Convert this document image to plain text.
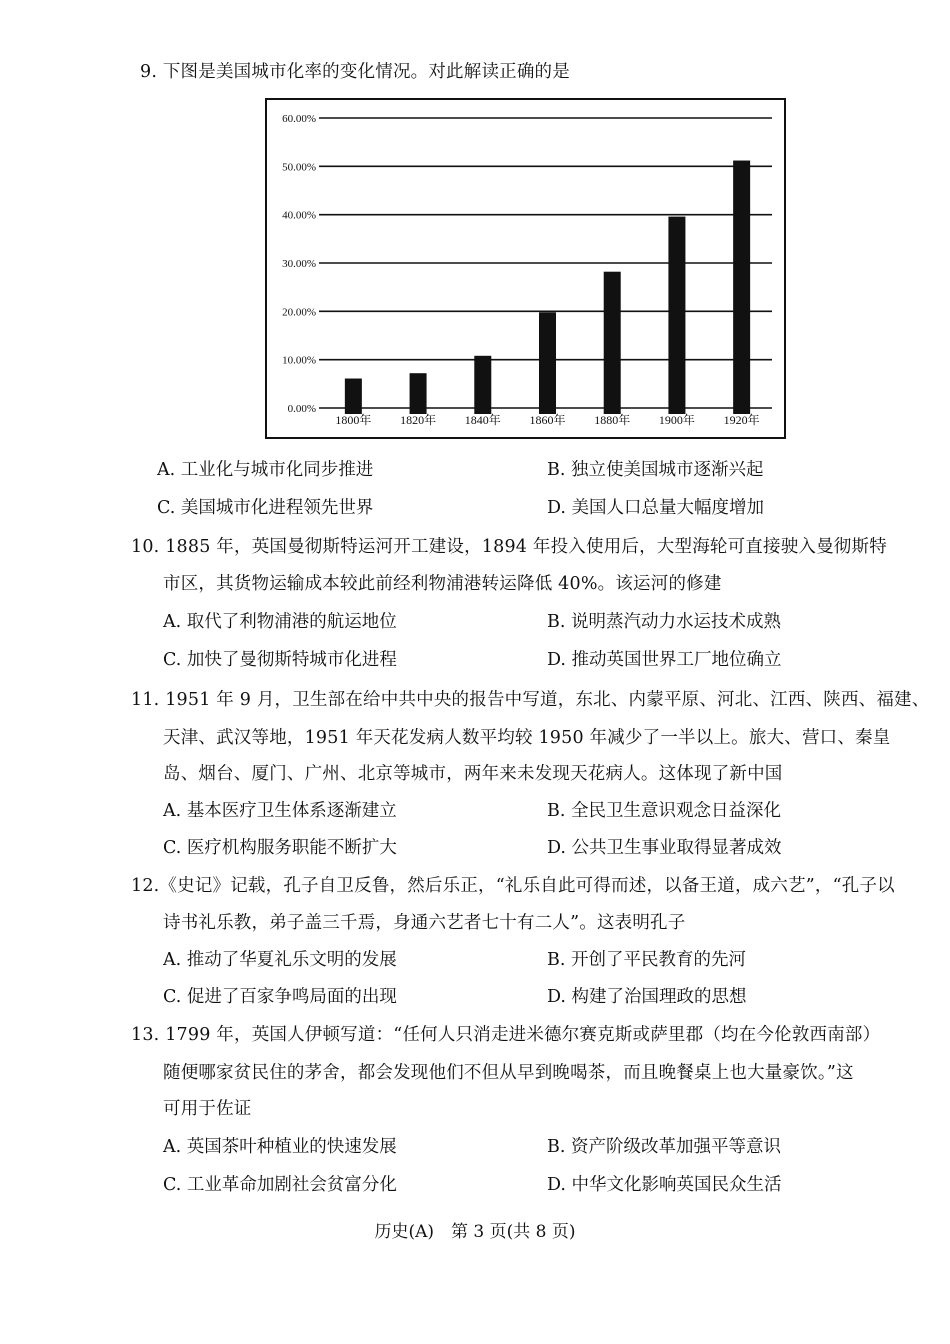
9. 下图是美国城市化率的变化情况。对此解读正确的是
0.00%
10.00%
20.00%
30.00%
40.00%
50.00%
60.00%
1800年 1820年 1840年 1860年 1880年 1900年 1920年
A. 工业化与城市化同步推进	B. 独立使美国城市逐渐兴起
C. 美国城市化进程领先世界	D. 美国人口总量大幅度增加
10. 1885 年，英国曼彻斯特运河开工建设，1894 年投入使用后，大型海轮可直接驶入曼彻斯特
市区，其货物运输成本较此前经利物浦港转运降低 40%。该运河的修建
A. 取代了利物浦港的航运地位	B. 说明蒸汽动力水运技术成熟
C. 加快了曼彻斯特城市化进程	D. 推动英国世界工厂地位确立
11. 1951 年 9 月，卫生部在给中共中央的报告中写道，东北、内蒙平原、河北、江西、陕西、福建、
天津、武汉等地，1951 年天花发病人数平均较 1950 年减少了一半以上。旅大、营口、秦皇
岛、烟台、厦门、广州、北京等城市，两年来未发现天花病人。这体现了新中国
A. 基本医疗卫生体系逐渐建立	B. 全民卫生意识观念日益深化
C. 医疗机构服务职能不断扩大	D. 公共卫生事业取得显著成效
12.《史记》记载，孔子自卫反鲁，然后乐正，“礼乐自此可得而述，以备王道，成六艺”，“孔子以
诗书礼乐教，弟子盖三千焉，身通六艺者七十有二人”。这表明孔子
A. 推动了华夏礼乐文明的发展	B. 开创了平民教育的先河
C. 促进了百家争鸣局面的出现	D. 构建了治国理政的思想
13. 1799 年，英国人伊顿写道：“任何人只消走进米德尔赛克斯或萨里郡（均在今伦敦西南部）
随便哪家贫民住的茅舍，都会发现他们不但从早到晚喝茶，而且晚餐桌上也大量豪饮。”这
可用于佐证
A. 英国茶叶种植业的快速发展	B. 资产阶级改革加强平等意识
C. 工业革命加剧社会贫富分化	D. 中华文化影响英国民众生活
历史(A)　第 3 页(共 8 页)
